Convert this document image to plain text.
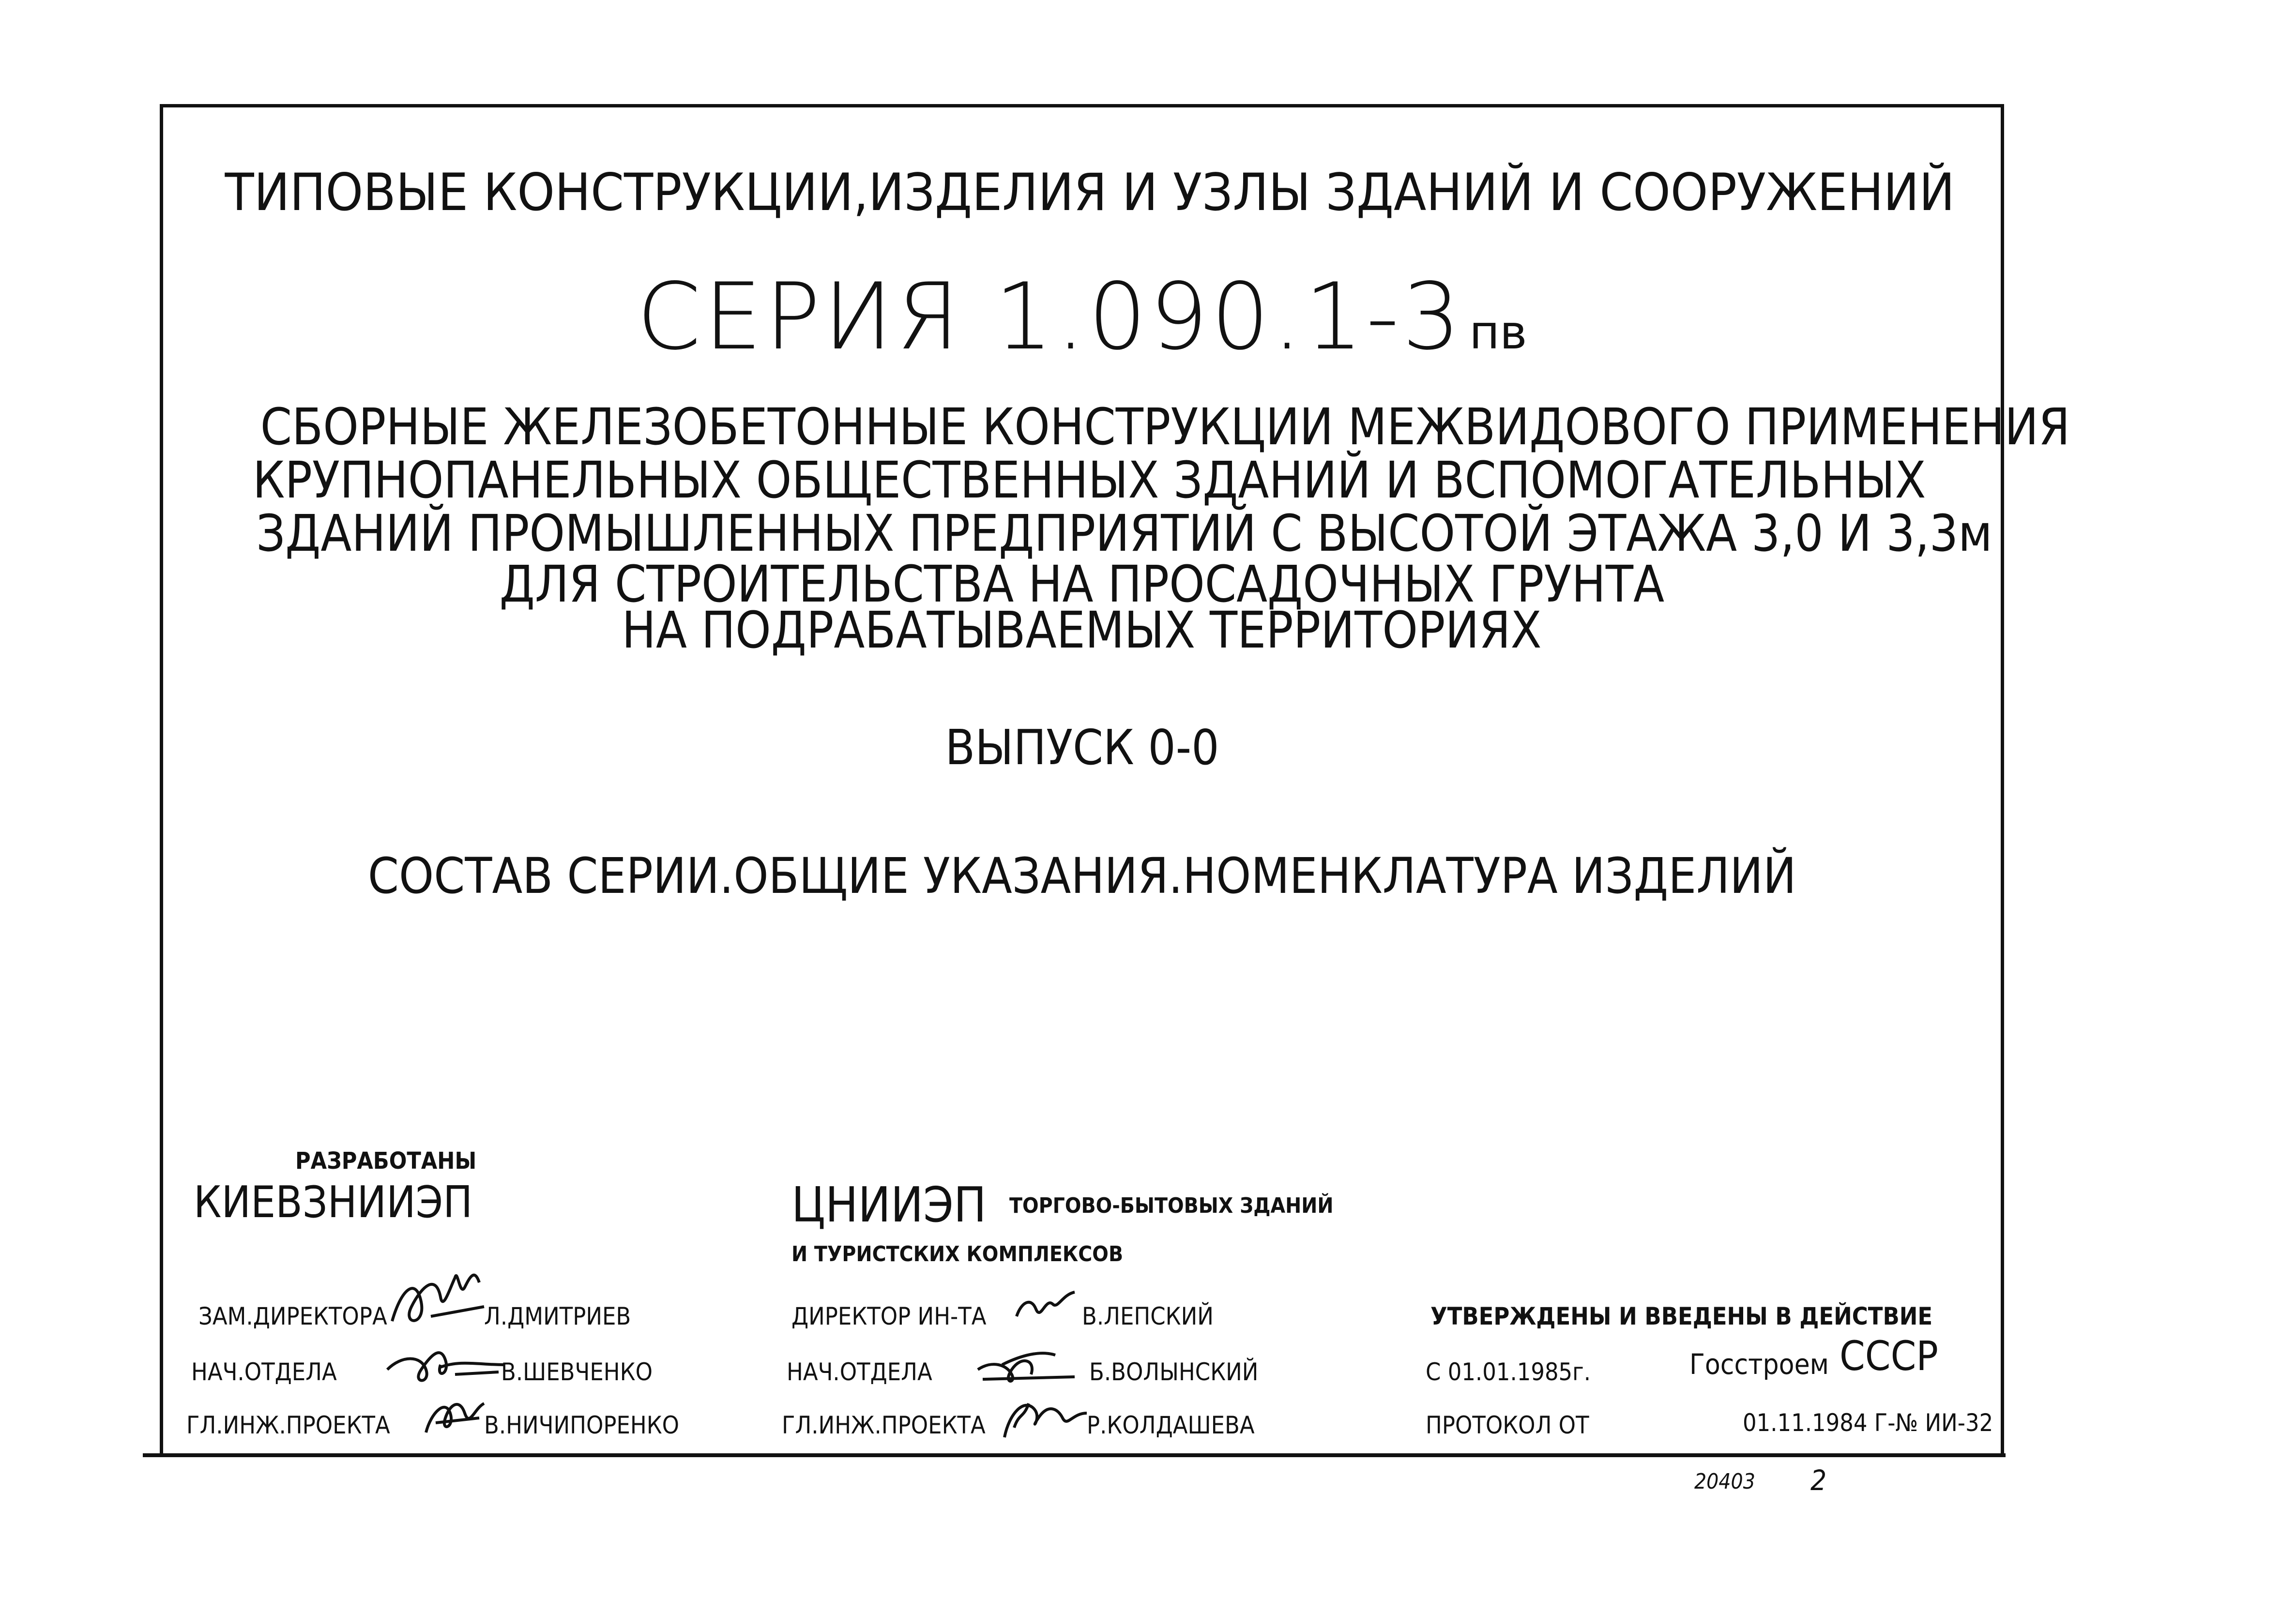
ТИПОВЫЕ КОНСТРУКЦИИ,ИЗДЕЛИЯ И УЗЛЫ ЗДАНИЙ И СООРУЖЕНИЙ
СЕРИЯ 1.090.1-3 пв
СБОРНЫЕ ЖЕЛЕЗОБЕТОННЫЕ КОНСТРУКЦИИ МЕЖВИДОВОГО ПРИМЕНЕНИЯ
КРУПНОПАНЕЛЬНЫХ ОБЩЕСТВЕННЫХ ЗДАНИЙ И ВСПОМОГАТЕЛЬНЫХ
ЗДАНИЙ ПРОМЫШЛЕННЫХ ПРЕДПРИЯТИЙ С ВЫСОТОЙ ЭТАЖА 3,0 И 3,3м
ДЛЯ СТРОИТЕЛЬСТВА НА ПРОСАДОЧНЫХ ГРУНТА
НА ПОДРАБАТЫВАЕМЫХ ТЕРРИТОРИЯХ
ВЫПУСК 0-0
СОСТАВ СЕРИИ.ОБЩИЕ УКАЗАНИЯ.НОМЕНКЛАТУРА ИЗДЕЛИЙ
РАЗРАБОТАНЫ
КИЕВЗНИИЭП	ЦНИИЭП ТОРГОВО-БЫТОВЫХ ЗДАНИЙ
И ТУРИСТСКИХ КОМПЛЕКСОВ
ЗАМ.ДИРЕКТОРА	Л.ДМИТРИЕВ
НАЧ.ОТДЕЛА	В.ШЕВЧЕНКО
ГЛ.ИНЖ.ПРОЕКТА	В.НИЧИПОРЕНКО
ДИРЕКТОР ИН-ТА	В.ЛЕПСКИЙ
НАЧ.ОТДЕЛА	Б.ВОЛЫНСКИЙ
ГЛ.ИНЖ.ПРОЕКТА	Р.КОЛДАШЕВА
УТВЕРЖДЕНЫ И ВВЕДЕНЫ В ДЕЙСТВИЕ
С 01.01.1985г.	Госстроем СССР
ПРОТОКОЛ ОТ	01.11.1984 Г-№ ИИ-32
20403 2
